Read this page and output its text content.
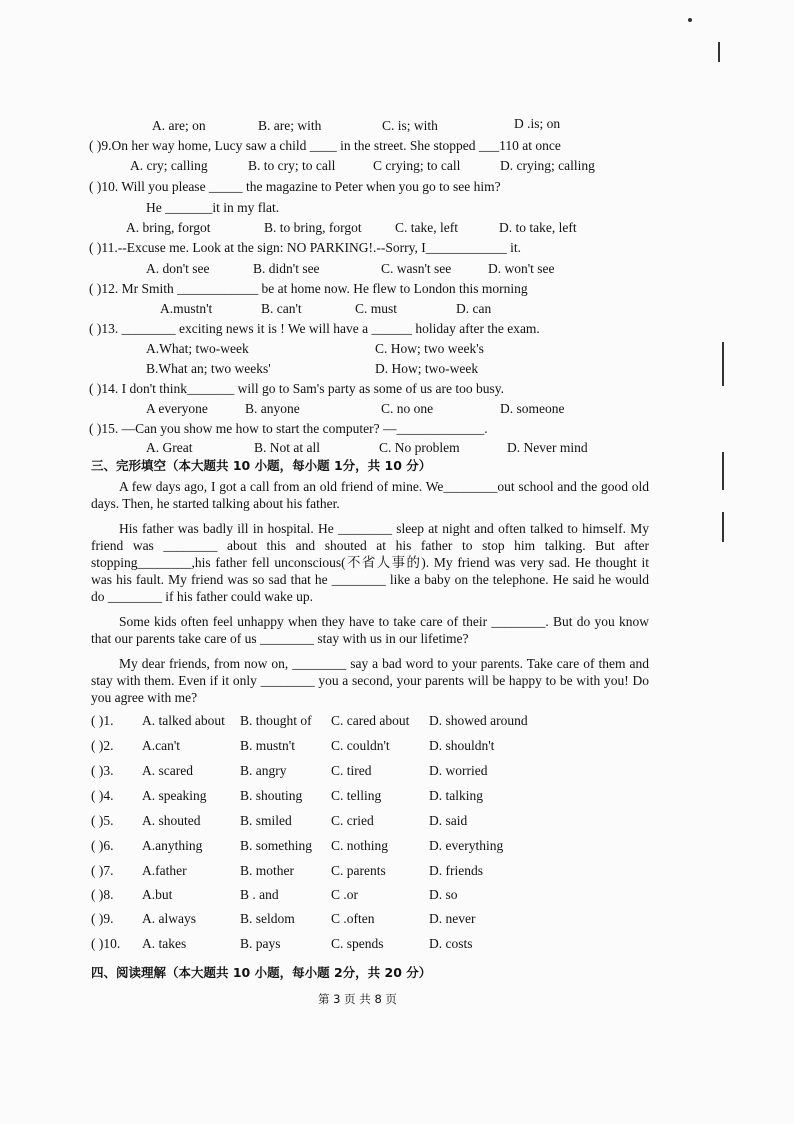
A. are; on	B. are; with	C. is; with	D .is; on
( )9.On her way home, Lucy saw a child ____ in the street. She stopped ___110 at once
A. cry; calling	B. to cry; to call	C crying; to call	D. crying; calling
( )10. Will you please _____ the magazine to Peter when you go to see him?
He _______it in my flat.
A. bring, forgot	B. to bring, forgot C. take, left	D. to take, left
( )11.--Excuse me. Look at the sign: NO PARKING!.--Sorry, I____________ it.
A. don't see	B. didn't see	C. wasn't see	D. won't see
( )12. Mr Smith ____________ be at home now. He flew to London this morning
A.mustn't	B. can't	C. must	D. can
( )13. ________ exciting news it is ! We will have a ______ holiday after the exam.
A.What; two-week	C. How; two week's
B.What an; two weeks'	D. How; two-week
( )14. I don't think_______ will go to Sam's party as some of us are too busy.
A everyone	B. anyone	C. no one	D. someone
( )15. —Can you show me how to start the computer? —_____________.
A. Great	B. Not at all	C. No problem	D. Never mind
三、完形填空（本大题共 10 小题，每小题 1分，共 10 分）
A few days ago, I got a call from an old friend of mine. We________out school and the good old days. Then, he started talking about his father.
His father was badly ill in hospital. He ________ sleep at night and often talked to himself. My friend was ________ about this and shouted at his father to stop him talking. But after stopping________,his father fell unconscious(不省人事的). My friend was very sad. He thought it was his fault. My friend was so sad that he ________ like a baby on the telephone. He said he would do ________ if his father could wake up.
Some kids often feel unhappy when they have to take care of their ________. But do you know that our parents take care of us ________ stay with us in our lifetime?
My dear friends, from now on, ________ say a bad word to your parents. Take care of them and stay with them. Even if it only ________ you a second, your parents will be happy to be with you! Do you agree with me?
( )1. A. talked about B. thought of C. cared about D. showed around
( )2. A.can't	B. mustn't	C. couldn't	D. shouldn't
( )3. A. scared	B. angry	C. tired	D. worried
( )4. A. speaking B. shouting C. telling	D. talking
( )5. A. shouted	B. smiled	C. cried	D. said
( )6. A.anything	B. something C. nothing	D. everything
( )7. A.father	B. mother	C. parents	D. friends
( )8. A.but	B . and	C .or	D. so
( )9. A. always	B. seldom	C .often	D. never
( )10. A. takes	B. pays	C. spends	D. costs
四、阅读理解（本大题共 10 小题，每小题 2分，共 20 分）
第 3 页 共 8 页
